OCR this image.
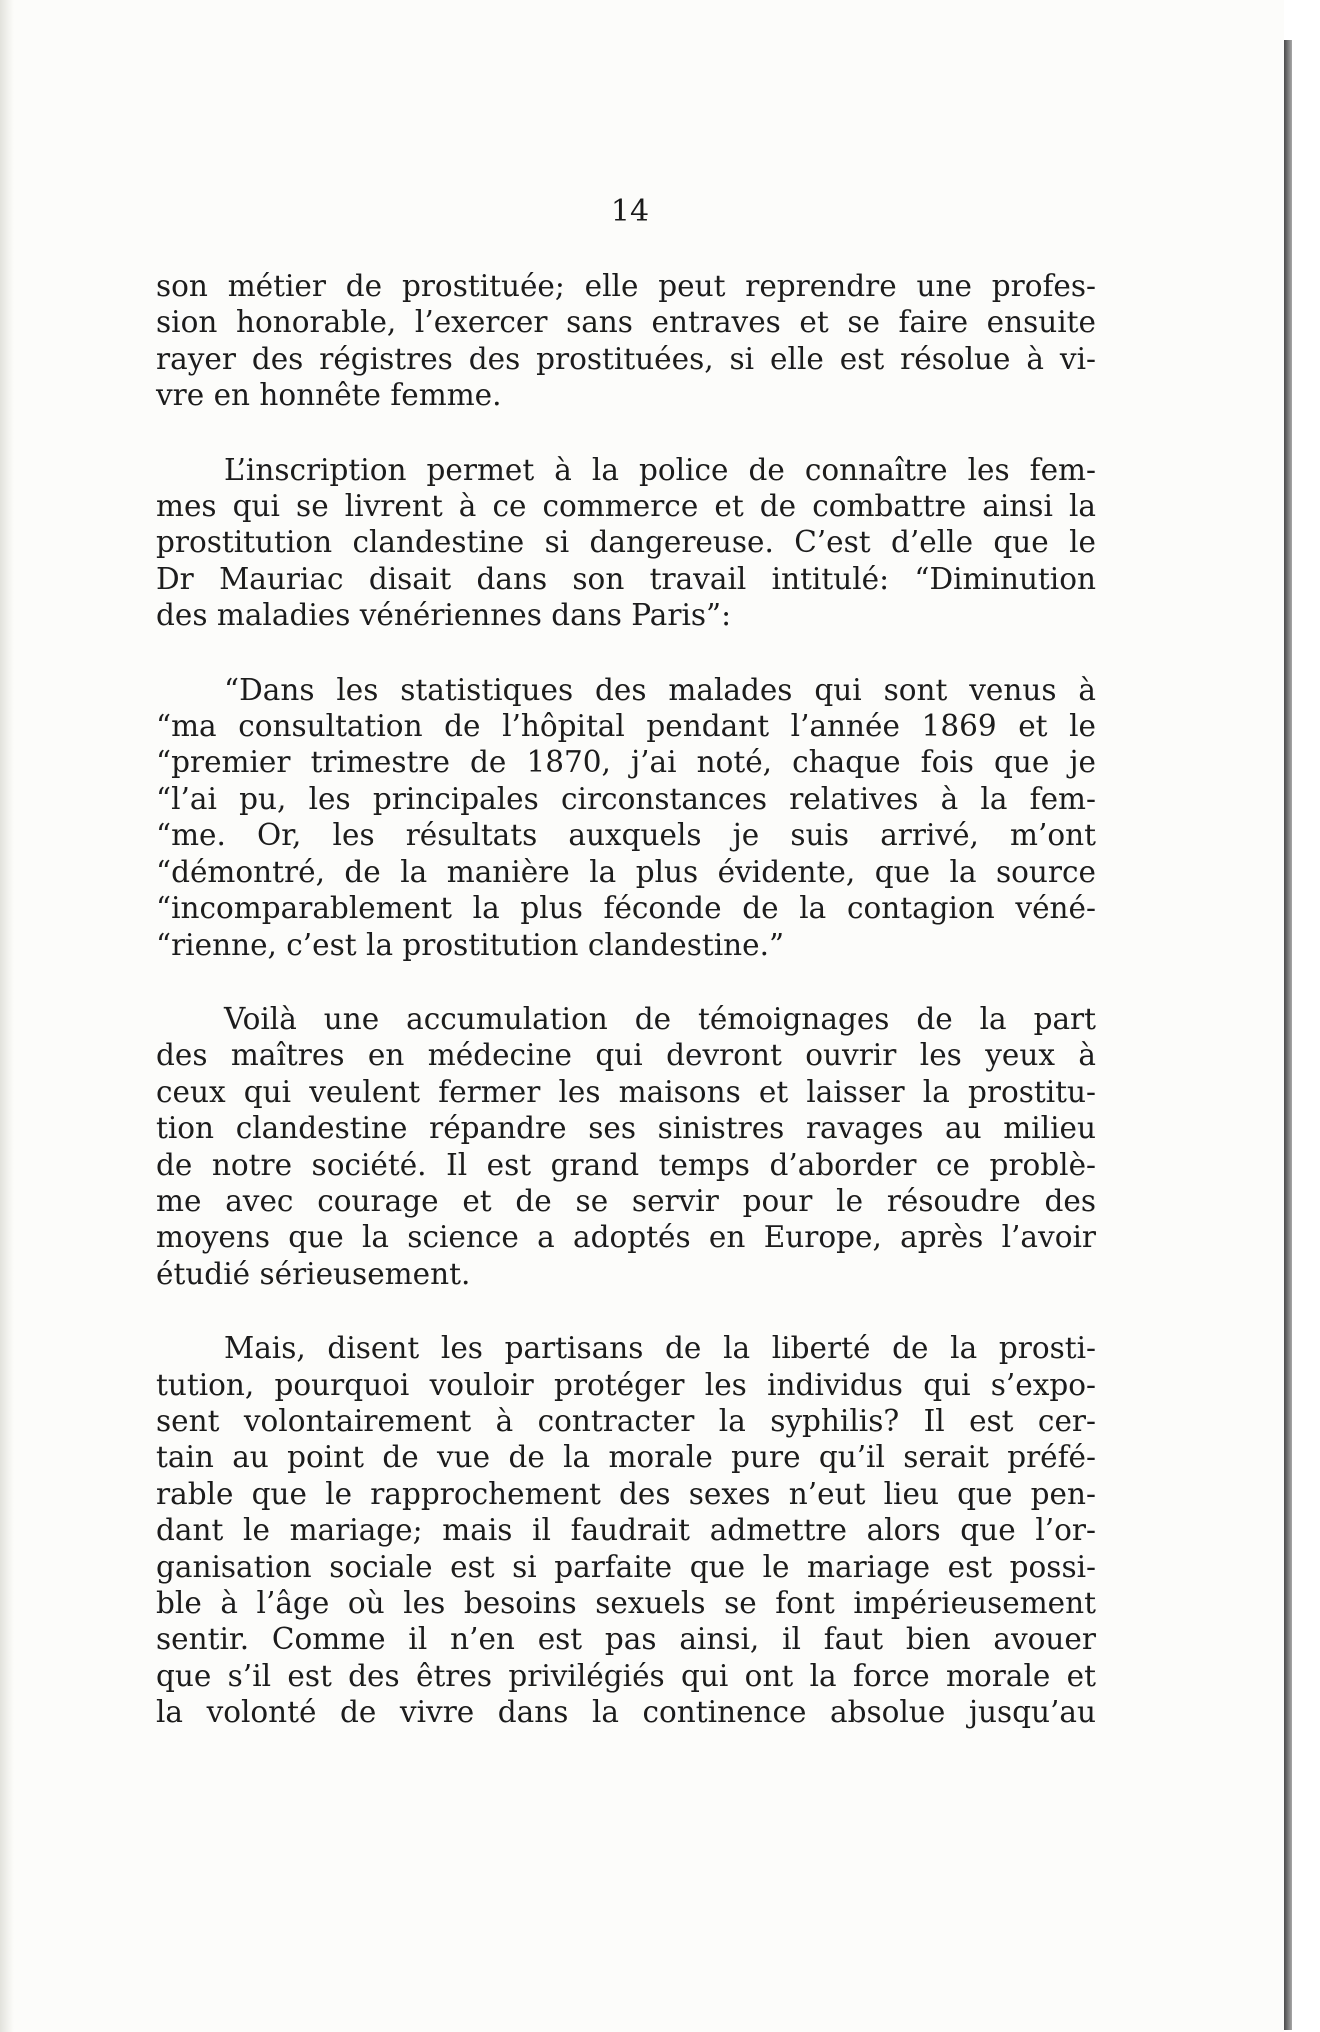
14

son métier de prostituée; elle peut reprendre une profes-
sion honorable, l’exercer sans entraves et se faire ensuite
rayer des régistres des prostituées, si elle est résolue à vi-
vre en honnête femme.

L’inscription permet à la police de connaître les fem-
mes qui se livrent à ce commerce et de combattre ainsi la
prostitution clandestine si dangereuse. C’est d’elle que le
Dr Mauriac disait dans son travail intitulé: “Diminution
des maladies vénériennes dans Paris”:

“Dans les statistiques des malades qui sont venus à
“ma consultation de l’hôpital pendant l’année 1869 et le
“premier trimestre de 1870, j’ai noté, chaque fois que je
“l’ai pu, les principales circonstances relatives à la fem-
“me. Or, les résultats auxquels je suis arrivé, m’ont
“démontré, de la manière la plus évidente, que la source
“incomparablement la plus féconde de la contagion véné-
“rienne, c’est la prostitution clandestine.”

Voilà une accumulation de témoignages de la part
des maîtres en médecine qui devront ouvrir les yeux à
ceux qui veulent fermer les maisons et laisser la prostitu-
tion clandestine répandre ses sinistres ravages au milieu
de notre société. Il est grand temps d’aborder ce problè-
me avec courage et de se servir pour le résoudre des
moyens que la science a adoptés en Europe, après l’avoir
étudié sérieusement.

Mais, disent les partisans de la liberté de la prosti-
tution, pourquoi vouloir protéger les individus qui s’expo-
sent volontairement à contracter la syphilis? Il est cer-
tain au point de vue de la morale pure qu’il serait préfé-
rable que le rapprochement des sexes n’eut lieu que pen-
dant le mariage; mais il faudrait admettre alors que l’or-
ganisation sociale est si parfaite que le mariage est possi-
ble à l’âge où les besoins sexuels se font impérieusement
sentir. Comme il n’en est pas ainsi, il faut bien avouer
que s’il est des êtres privilégiés qui ont la force morale et
la volonté de vivre dans la continence absolue jusqu’au
